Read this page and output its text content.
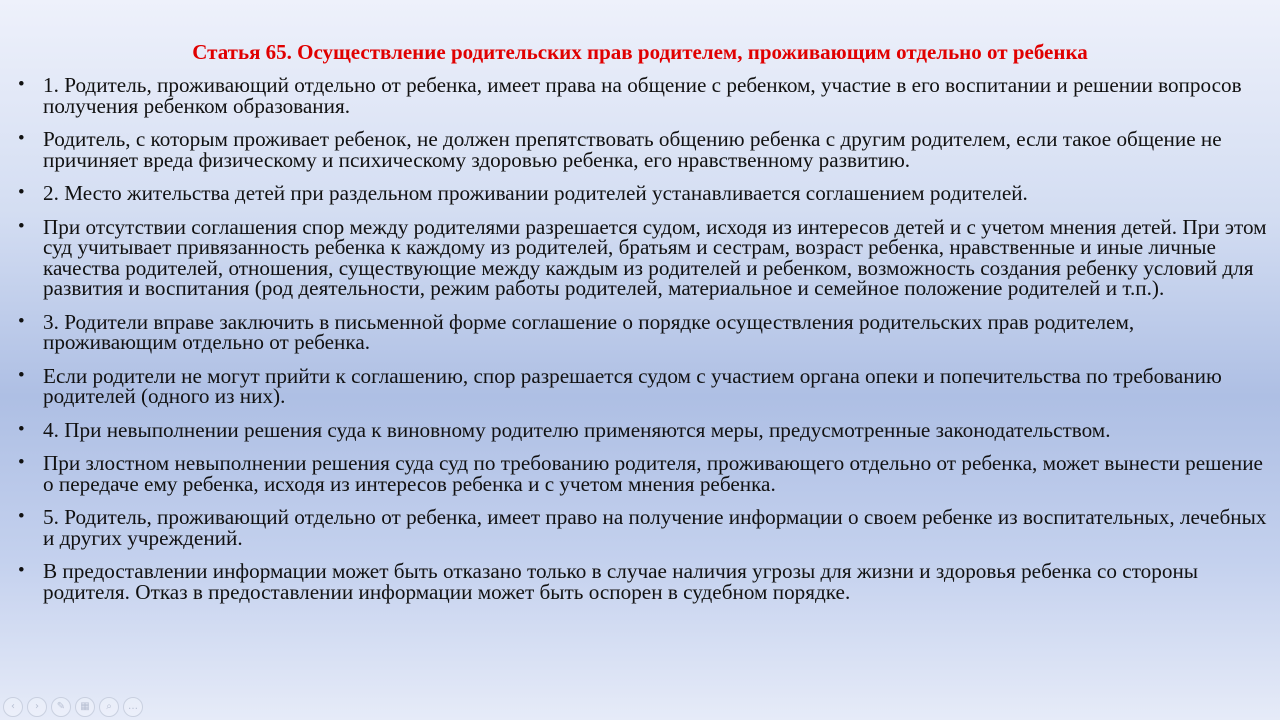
Статья 65. Осуществление родительских прав родителем, проживающим отдельно от ребенка
• 1. Родитель, проживающий отдельно от ребенка, имеет права на общение с ребенком, участие в его воспитании и решении вопросов получения ребенком образования.
• Родитель, с которым проживает ребенок, не должен препятствовать общению ребенка с другим родителем, если такое общение не причиняет вреда физическому и психическому здоровью ребенка, его нравственному развитию.
• 2. Место жительства детей при раздельном проживании родителей устанавливается соглашением родителей.
• При отсутствии соглашения спор между родителями разрешается судом, исходя из интересов детей и с учетом мнения детей. При этом суд учитывает привязанность ребенка к каждому из родителей, братьям и сестрам, возраст ребенка, нравственные и иные личные качества родителей, отношения, существующие между каждым из родителей и ребенком, возможность создания ребенку условий для развития и воспитания (род деятельности, режим работы родителей, материальное и семейное положение родителей и т.п.).
• 3. Родители вправе заключить в письменной форме соглашение о порядке осуществления родительских прав родителем, проживающим отдельно от ребенка.
• Если родители не могут прийти к соглашению, спор разрешается судом с участием органа опеки и попечительства по требованию родителей (одного из них).
• 4. При невыполнении решения суда к виновному родителю применяются меры, предусмотренные законодательством.
• При злостном невыполнении решения суда суд по требованию родителя, проживающего отдельно от ребенка, может вынести решение о передаче ему ребенка, исходя из интересов ребенка и с учетом мнения ребенка.
• 5. Родитель, проживающий отдельно от ребенка, имеет право на получение информации о своем ребенке из воспитательных, лечебных и других учреждений.
• В предоставлении информации может быть отказано только в случае наличия угрозы для жизни и здоровья ребенка со стороны родителя. Отказ в предоставлении информации может быть оспорен в судебном порядке.
‹	›	✎	▦	⌕	…
